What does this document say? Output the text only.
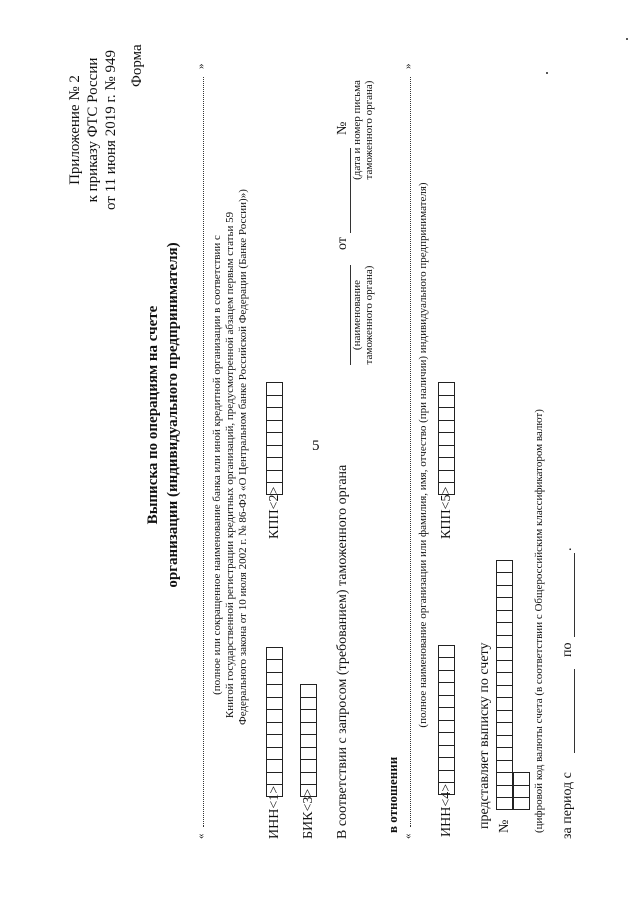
5
Приложение № 2 к приказу ФТС России от 11 июня 2019 г. № 949 Форма
Выписка по операциям на счете организации (индивидуального предпринимателя)
«
»
(полное или сокращенное наименование банка или иной кредитной организации в соответствии с Книгой государственной регистрации кредитных организаций, предусмотренной абзацем первым статьи 59 Федерального закона от 10 июля 2002 г. № 86-ФЗ «О Центральном банке Российской Федерации (Банке России)»)
ИНН<1>
КПП<2>
БИК<3> В соответствии с запросом (требованием) таможенного органа
от
№
(наименование таможенного органа)
(дата и номер письма таможенного органа)
в отношении
«
»
(полное наименование организации или фамилия, имя, отчество (при наличии) индивидуального предпринимателя)
ИНН<4>
КПП<5>
представляет выписку по счету № (цифровой код валюты счета (в соответствии с Общероссийским классификатором валют) за период с
по
.
